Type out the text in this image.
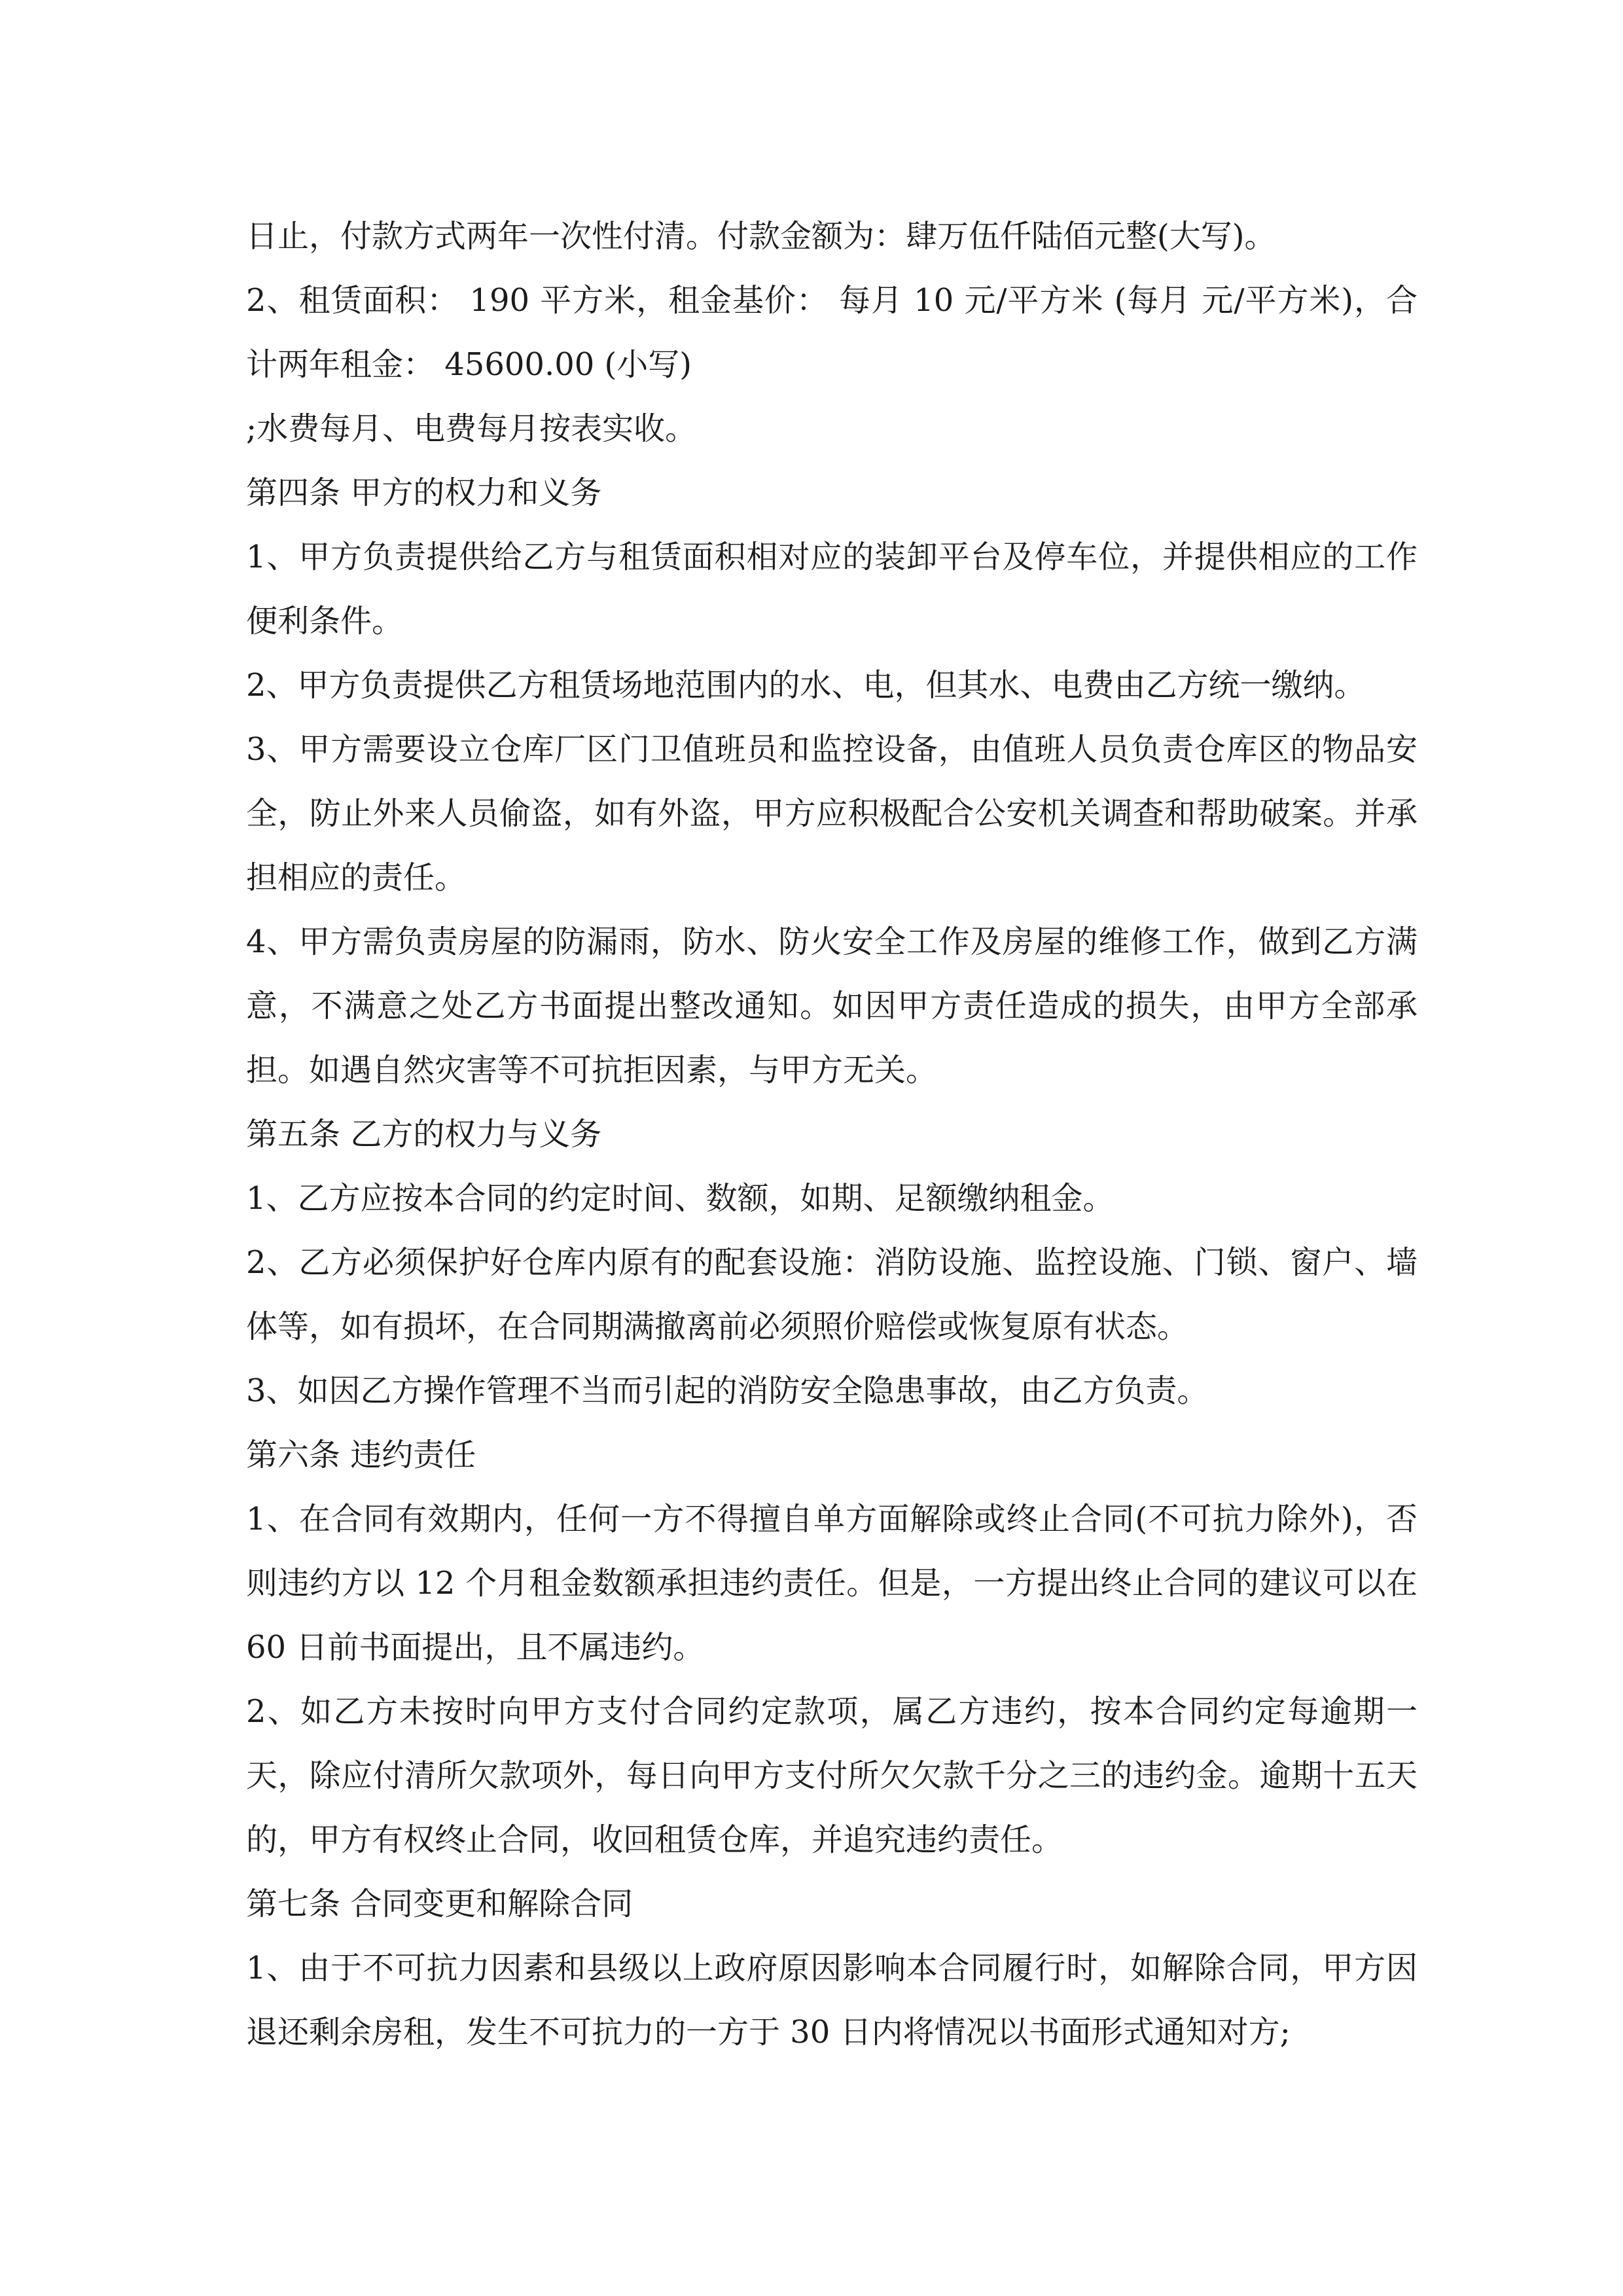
日止，付款方式两年一次性付清。付款金额为：肆万伍仟陆佰元整(大写)。

2、租赁面积： 190 平方米，租金基价： 每月 10 元/平方米 (每月 元/平方米)，合计两年租金： 45600.00 (小写)

;水费每月、电费每月按表实收。

第四条 甲方的权力和义务

1、甲方负责提供给乙方与租赁面积相对应的装卸平台及停车位，并提供相应的工作便利条件。

2、甲方负责提供乙方租赁场地范围内的水、电，但其水、电费由乙方统一缴纳。

3、甲方需要设立仓库厂区门卫值班员和监控设备，由值班人员负责仓库区的物品安全，防止外来人员偷盗，如有外盗，甲方应积极配合公安机关调查和帮助破案。并承担相应的责任。

4、甲方需负责房屋的防漏雨，防水、防火安全工作及房屋的维修工作，做到乙方满意，不满意之处乙方书面提出整改通知。如因甲方责任造成的损失，由甲方全部承担。如遇自然灾害等不可抗拒因素，与甲方无关。

第五条 乙方的权力与义务

1、乙方应按本合同的约定时间、数额，如期、足额缴纳租金。

2、乙方必须保护好仓库内原有的配套设施：消防设施、监控设施、门锁、窗户、墙体等，如有损坏，在合同期满撤离前必须照价赔偿或恢复原有状态。

3、如因乙方操作管理不当而引起的消防安全隐患事故，由乙方负责。

第六条 违约责任

1、在合同有效期内，任何一方不得擅自单方面解除或终止合同(不可抗力除外)，否则违约方以 12 个月租金数额承担违约责任。但是，一方提出终止合同的建议可以在 60 日前书面提出，且不属违约。

2、如乙方未按时向甲方支付合同约定款项，属乙方违约，按本合同约定每逾期一天，除应付清所欠款项外，每日向甲方支付所欠欠款千分之三的违约金。逾期十五天的，甲方有权终止合同，收回租赁仓库，并追究违约责任。

第七条 合同变更和解除合同

1、由于不可抗力因素和县级以上政府原因影响本合同履行时，如解除合同，甲方因退还剩余房租，发生不可抗力的一方于 30 日内将情况以书面形式通知对方;
